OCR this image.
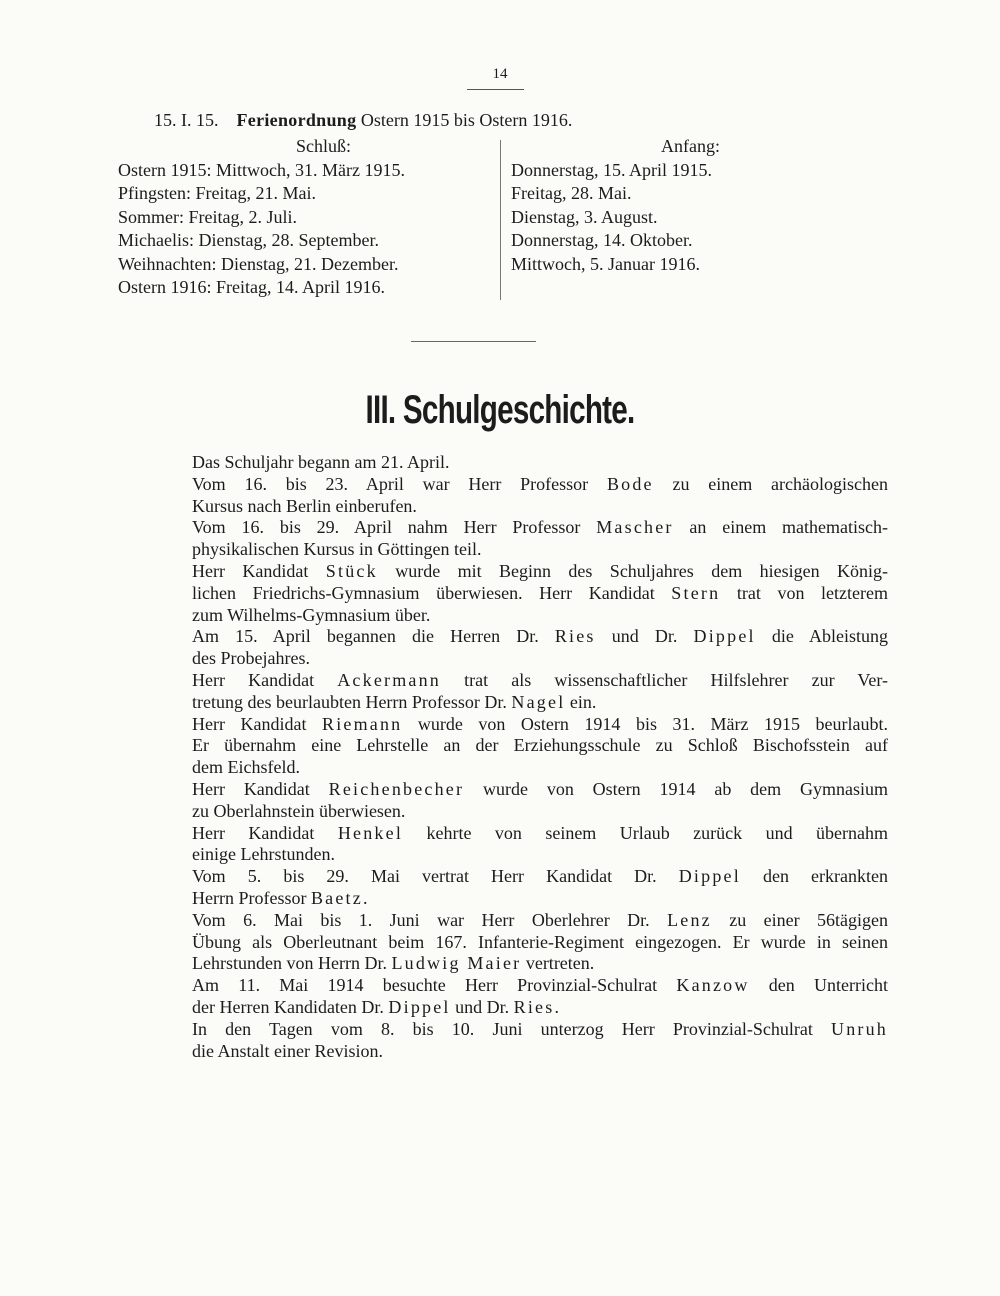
14
15. I. 15. Ferienordnung Ostern 1915 bis Ostern 1916.
Schluß:
Ostern 1915: Mittwoch, 31. März 1915.
Pfingsten: Freitag, 21. Mai.
Sommer: Freitag, 2. Juli.
Michaelis: Dienstag, 28. September.
Weihnachten: Dienstag, 21. Dezember.
Ostern 1916: Freitag, 14. April 1916.
Anfang:
Donnerstag, 15. April 1915.
Freitag, 28. Mai.
Dienstag, 3. August.
Donnerstag, 14. Oktober.
Mittwoch, 5. Januar 1916.
III. Schulgeschichte.

Das Schuljahr begann am 21. April.

Vom 16. bis 23. April war Herr Professor Bode zu einem archäologischen
Kursus nach Berlin einberufen.

Vom 16. bis 29. April nahm Herr Professor Mascher an einem mathematisch-
physikalischen Kursus in Göttingen teil.

Herr Kandidat Stück wurde mit Beginn des Schuljahres dem hiesigen König-
lichen Friedrichs-Gymnasium überwiesen. Herr Kandidat Stern trat von letzterem
zum Wilhelms-Gymnasium über.

Am 15. April begannen die Herren Dr. Ries und Dr. Dippel die Ableistung
des Probejahres.

Herr Kandidat Ackermann trat als wissenschaftlicher Hilfslehrer zur Ver-
tretung des beurlaubten Herrn Professor Dr. Nagel ein.

Herr Kandidat Riemann wurde von Ostern 1914 bis 31. März 1915 beurlaubt.
Er übernahm eine Lehrstelle an der Erziehungsschule zu Schloß Bischofsstein auf
dem Eichsfeld.

Herr Kandidat Reichenbecher wurde von Ostern 1914 ab dem Gymnasium
zu Oberlahnstein überwiesen.

Herr Kandidat Henkel kehrte von seinem Urlaub zurück und übernahm
einige Lehrstunden.

Vom 5. bis 29. Mai vertrat Herr Kandidat Dr. Dippel den erkrankten
Herrn Professor Baetz.

Vom 6. Mai bis 1. Juni war Herr Oberlehrer Dr. Lenz zu einer 56tägigen
Übung als Oberleutnant beim 167. Infanterie-Regiment eingezogen. Er wurde in seinen
Lehrstunden von Herrn Dr. Ludwig Maier vertreten.

Am 11. Mai 1914 besuchte Herr Provinzial-Schulrat Kanzow den Unterricht
der Herren Kandidaten Dr. Dippel und Dr. Ries.

In den Tagen vom 8. bis 10. Juni unterzog Herr Provinzial-Schulrat Unruh
die Anstalt einer Revision.
